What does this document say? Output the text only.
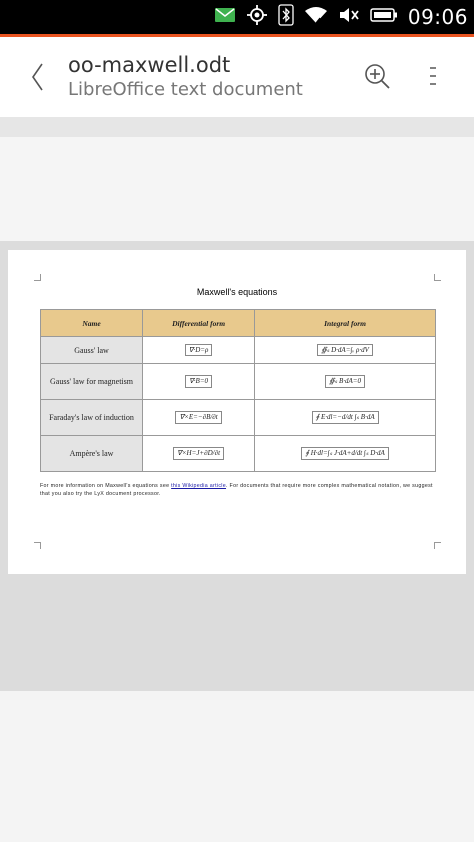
09:06
oo-maxwell.odt
LibreOffice text document
Maxwell's equations
Name	Differential form	Integral form
Gauss' law	∇·D=ρ	∯ₛ D·dA=∫ᵥ ρ·dV
Gauss' law for magnetism	∇·B=0	∯ₛ B·dA=0
Faraday's law of induction	∇×E=−∂B/∂t	∮ E·dl=−d/dt ∫ₛ B·dA
Ampère's law	∇×H=J+∂D/∂t	∮ H·dl=∫ₛ J·dA+d/dt ∫ₛ D·dA
For more information on Maxwell's equations see this Wikipedia article. For documents that require more complex mathematical notation, we suggest that you also try the LyX document processor.
